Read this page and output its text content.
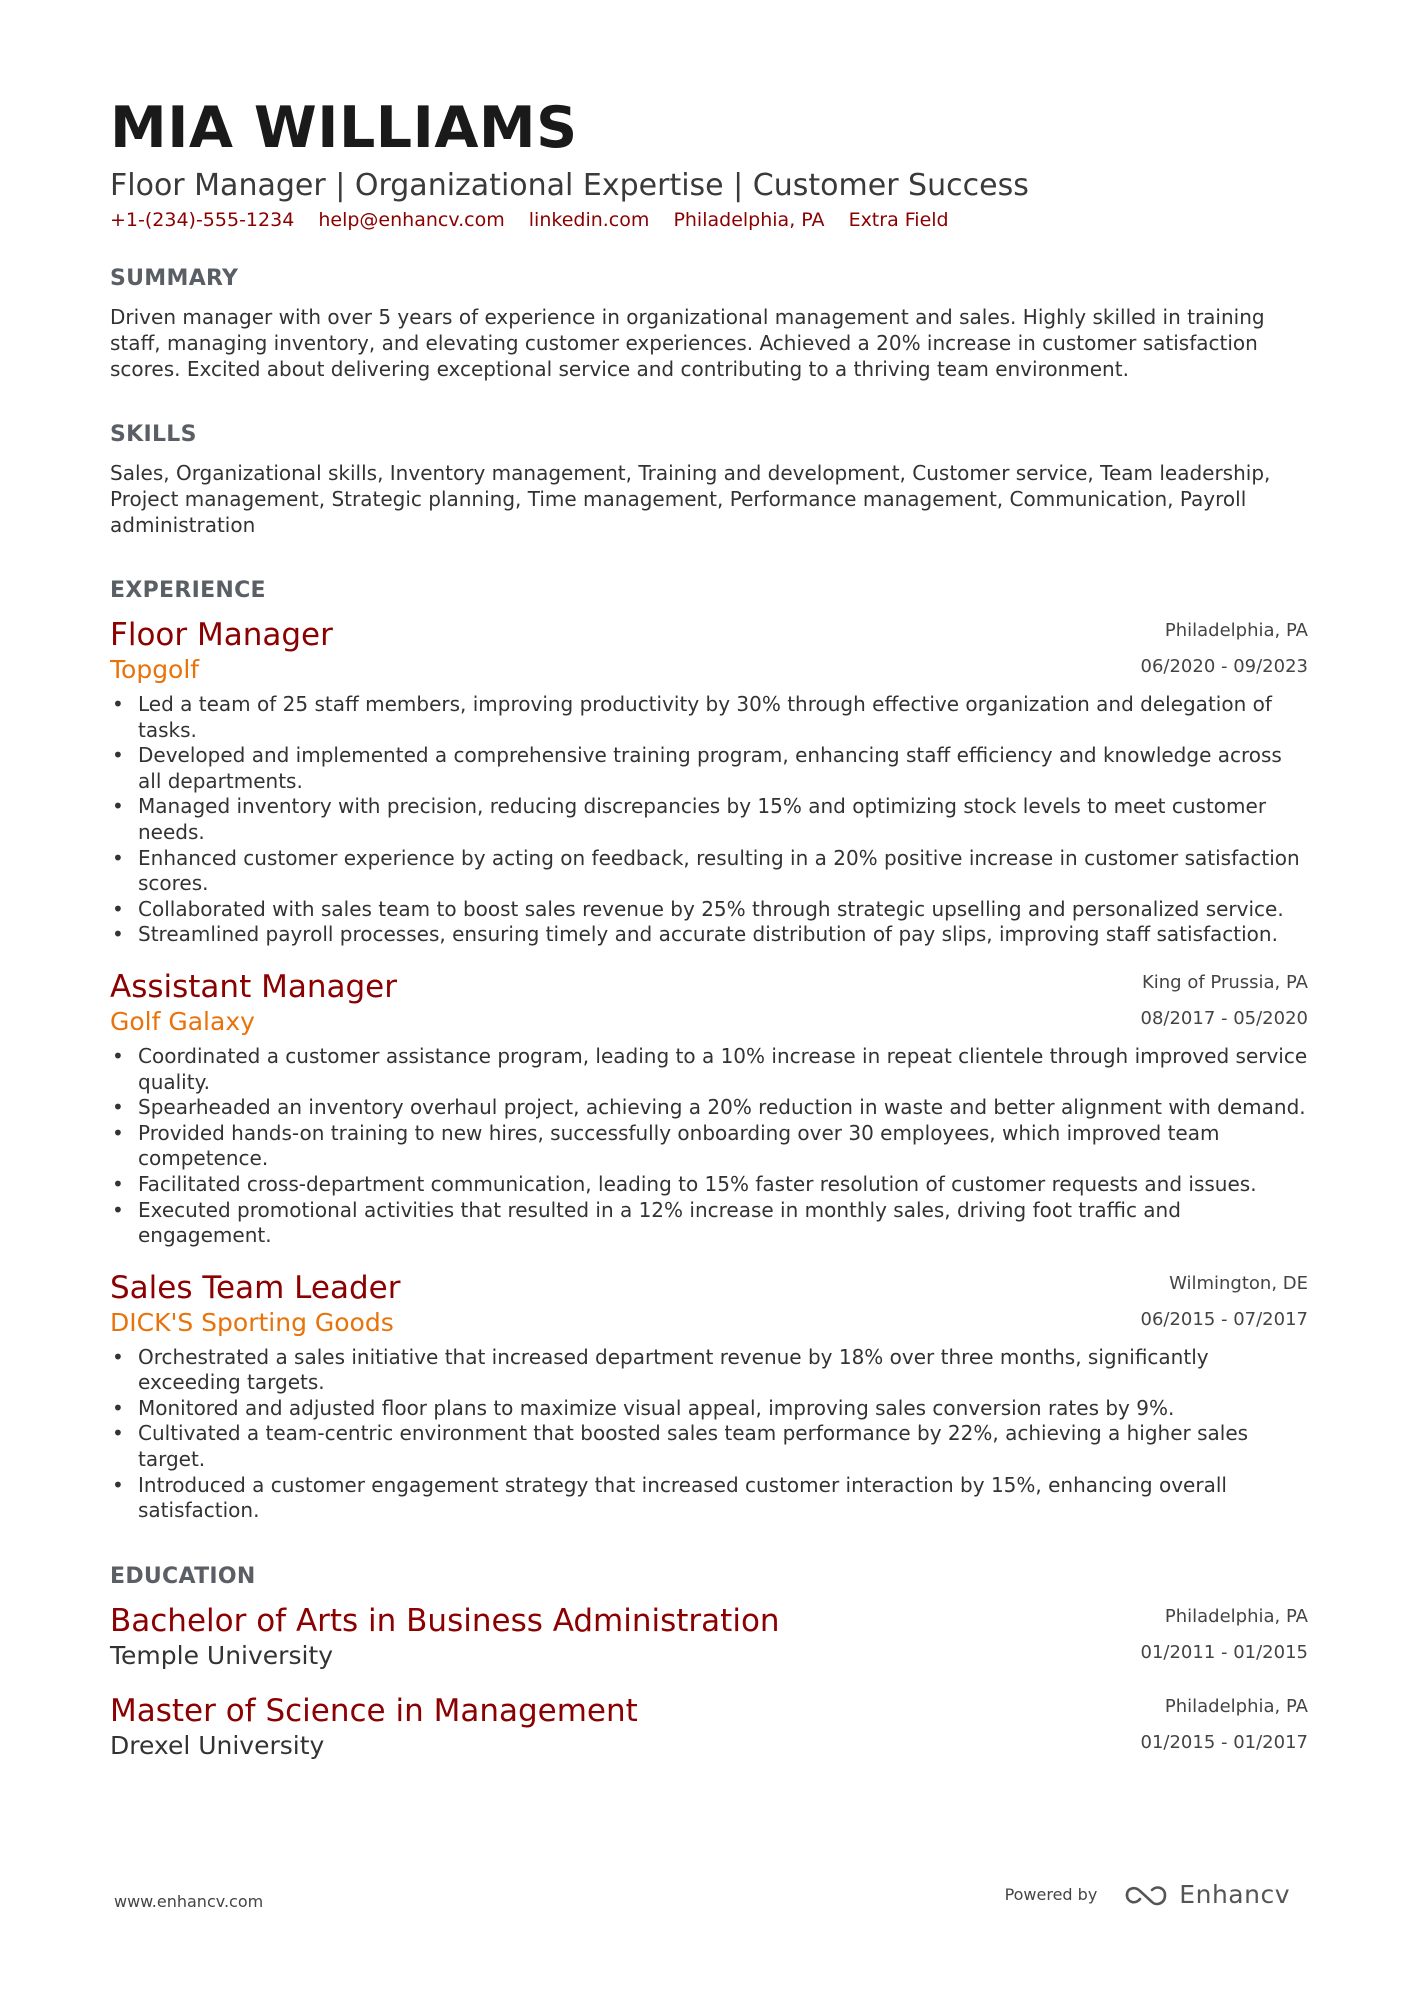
MIA WILLIAMS
Floor Manager | Organizational Expertise | Customer Success
+1-(234)-555-1234 help@enhancv.com linkedin.com Philadelphia, PA Extra Field
SUMMARY
Driven manager with over 5 years of experience in organizational management and sales. Highly skilled in training staff, managing inventory, and elevating customer experiences. Achieved a 20% increase in customer satisfaction scores. Excited about delivering exceptional service and contributing to a thriving team environment.
SKILLS
Sales, Organizational skills, Inventory management, Training and development, Customer service, Team leadership, Project management, Strategic planning, Time management, Performance management, Communication, Payroll administration
EXPERIENCE
Floor Manager
Topgolf
Philadelphia, PA
06/2020 - 09/2023
• Led a team of 25 staff members, improving productivity by 30% through effective organization and delegation of tasks.
• Developed and implemented a comprehensive training program, enhancing staff efficiency and knowledge across all departments.
• Managed inventory with precision, reducing discrepancies by 15% and optimizing stock levels to meet customer needs.
• Enhanced customer experience by acting on feedback, resulting in a 20% positive increase in customer satisfaction scores.
• Collaborated with sales team to boost sales revenue by 25% through strategic upselling and personalized service.
• Streamlined payroll processes, ensuring timely and accurate distribution of pay slips, improving staff satisfaction.
Assistant Manager
Golf Galaxy
King of Prussia, PA
08/2017 - 05/2020
• Coordinated a customer assistance program, leading to a 10% increase in repeat clientele through improved service quality.
• Spearheaded an inventory overhaul project, achieving a 20% reduction in waste and better alignment with demand.
• Provided hands-on training to new hires, successfully onboarding over 30 employees, which improved team competence.
• Facilitated cross-department communication, leading to 15% faster resolution of customer requests and issues.
• Executed promotional activities that resulted in a 12% increase in monthly sales, driving foot traffic and engagement.
Sales Team Leader
DICK'S Sporting Goods
Wilmington, DE
06/2015 - 07/2017
• Orchestrated a sales initiative that increased department revenue by 18% over three months, significantly exceeding targets.
• Monitored and adjusted floor plans to maximize visual appeal, improving sales conversion rates by 9%.
• Cultivated a team-centric environment that boosted sales team performance by 22%, achieving a higher sales target.
• Introduced a customer engagement strategy that increased customer interaction by 15%, enhancing overall satisfaction.
EDUCATION
Bachelor of Arts in Business Administration
Temple University
Philadelphia, PA
01/2011 - 01/2015
Master of Science in Management
Drexel University
Philadelphia, PA
01/2015 - 01/2017
www.enhancv.com	Powered by	Enhancv
